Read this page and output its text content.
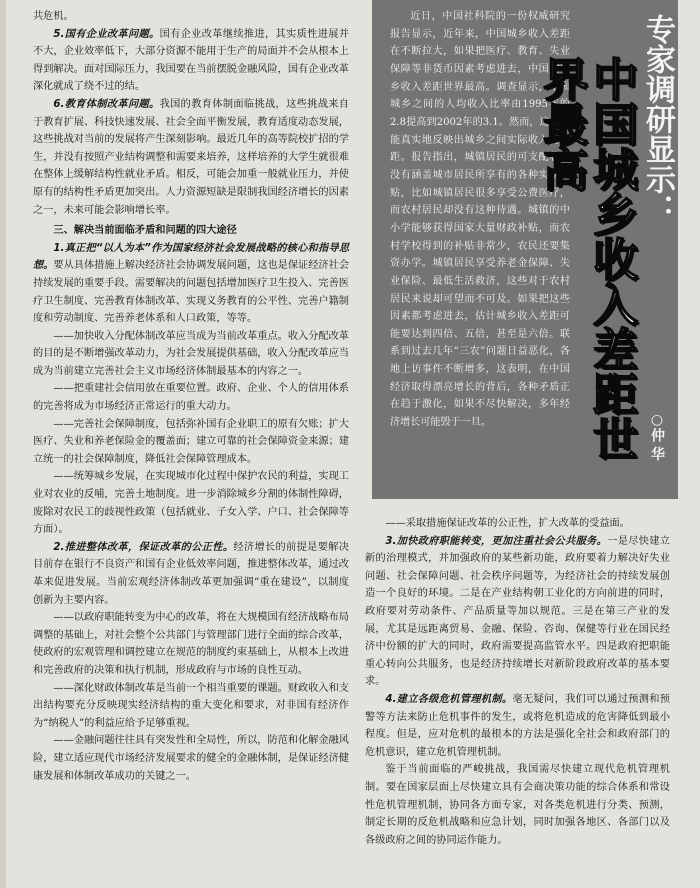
共危机。

5.国有企业改革问题。国有企业改革继续推进，其实质性进展并不大，企业效率低下，大部分资源不能用于生产的局面并不会从根本上得到解决。面对国际压力，我国要在当前摆脱金融风险，国有企业改革深化就成了绕不过的结。

6.教育体制改革问题。我国的教育体制面临挑战，这些挑战来自于教育扩展、科技快速发展、社会全面平衡发展，教育适度动态发展，这些挑战对当前的发展将产生深刻影响。最近几年的高等院校扩招的学生，并没有按照产业结构调整和需要来培养，这样培养的大学生就很难在整体上缓解结构性就业矛盾。相反，可能会加重一般就业压力，并使原有的结构性矛盾更加突出。人力资源短缺是限制我国经济增长的因素之一，未来可能会影响增长率。

三、解决当前面临矛盾和问题的四大途径

1.真正把“以人为本”作为国家经济社会发展战略的核心和指导思想。要从具体措施上解决经济社会协调发展问题，这也是保证经济社会持续发展的重要手段。需要解决的问题包括增加医疗卫生投入、完善医疗卫生制度、完善教育体制改革、实现义务教育的公平性、完善户籍制度和劳动制度、完善养老体系和人口政策，等等。

——加快收入分配体制改革应当成为当前改革重点。收入分配改革的目的是不断增强改革动力，为社会发展提供基础，收入分配改革应当成为当前建立完善社会主义市场经济体制最基本的内容之一。

——把重建社会信用放在重要位置。政府、企业、个人的信用体系的完善将成为市场经济正常运行的重大动力。

——完善社会保障制度，包括弥补国有企业职工的原有欠账；扩大医疗、失业和养老保险金的覆盖面；建立可靠的社会保障资金来源；建立统一的社会保障制度，降低社会保障管理成本。

——统筹城乡发展，在实现城市化过程中保护农民的利益，实现工业对农业的反哺，完善土地制度。进一步消除城乡分割的体制性障碍，废除对农民工的歧视性政策（包括就业、子女入学、户口、社会保障等方面）。

2.推进整体改革，保证改革的公正性。经济增长的前提是要解决目前存在银行不良资产和国有企业低效率问题，推进整体改革，通过改革来促进发展。当前宏观经济体制改革更加强调“重在建设”，以制度创新为主要内容。

——以政府职能转变为中心的改革，将在大规模国有经济战略布局调整的基础上，对社会整个公共部门与管理部门进行全面的综合改革，使政府的宏观管理和调控建立在规范的制度约束基础上，从根本上改进和完善政府的决策和执行机制，形成政府与市场的良性互动。

——深化财政体制改革是当前一个相当重要的课题。财政收入和支出结构要充分反映现实经济结构的重大变化和要求，对非国有经济作为“纳税人”的利益应给予足够重视。

——金融问题往往具有突发性和全局性，所以，防范和化解金融风险，建立适应现代市场经济发展要求的健全的金融体制，是保证经济健康发展和体制改革成功的关键之一。

近日，中国社科院的一份权威研究报告显示，近年来，中国城乡收入差距在不断拉大，如果把医疗、教育、失业保障等非货币因素考虑进去，中国的城乡收入差距世界最高。调查显示，中国城乡之间的人均收入比率由1995年的2.8提高到2002年的3.1。然而，这还不能真实地反映出城乡之间实际收入的差距。报告指出，城镇居民的可支配收入没有涵盖城市居民所享有的各种实物补贴，比如城镇居民很多享受公费医疗，而农村居民却没有这种待遇。城镇的中小学能够获得国家大量财政补贴，而农村学校得到的补贴非常少，农民还要集资办学。城镇居民享受养老金保障、失业保险、最低生活救济，这些对于农村居民来说却可望而不可及。如果把这些因素都考虑进去，估计城乡收入差距可能要达到四倍、五倍，甚至是六倍。联系到过去几年“三农”问题日益恶化，各地上访事件不断增多，这表明，在中国经济取得漂亮增长的背后，各种矛盾正在趋于激化，如果不尽快解决，多年经济增长可能毁于一旦。

专家调研显示：
中国城乡收入差距世界最高
○仲 华

——采取措施保证改革的公正性，扩大改革的受益面。

3.加快政府职能转变，更加注重社会公共服务。一是尽快建立新的治理模式，并加强政府的某些新功能，政府要着力解决好失业问题、社会保障问题、社会秩序问题等，为经济社会的持续发展创造一个良好的环境。二是在产业结构朝工业化的方向前进的同时，政府要对劳动条件、产品质量等加以规范。三是在第三产业的发展，尤其是远距离贸易、金融、保险、咨询、保健等行业在国民经济中份额的扩大的同时，政府需要提高监管水平。四是政府把职能重心转向公共服务，也是经济持续增长对新阶段政府改革的基本要求。

4.建立各级危机管理机制。毫无疑问，我们可以通过预测和预警等方法来防止危机事件的发生，或将危机造成的危害降低到最小程度。但是，应对危机的最根本的方法是强化全社会和政府部门的危机意识，建立危机管理机制。

鉴于当前面临的严峻挑战，我国需尽快建立现代危机管理机制。要在国家层面上尽快建立具有会商决策功能的综合体系和常设性危机管理机制，协同各方面专家，对各类危机进行分类、预测，制定长期的反危机战略和应急计划，同时加强各地区、各部门以及各级政府之间的协同运作能力。
